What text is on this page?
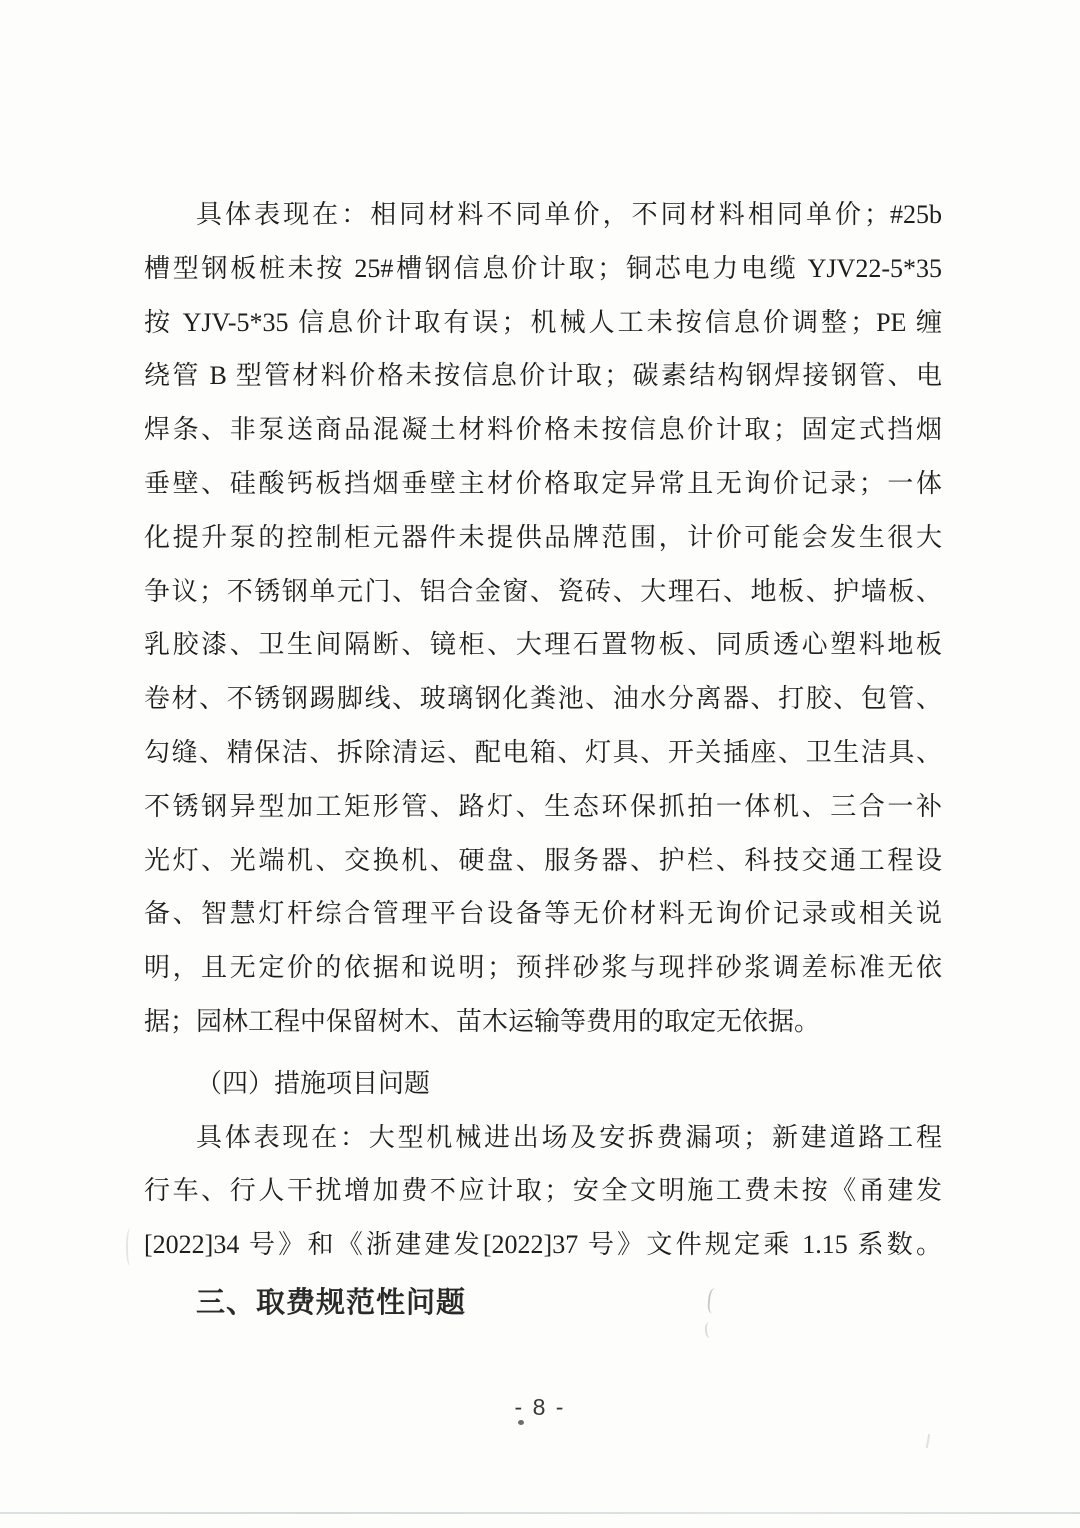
具体表现在：相同材料不同单价，不同材料相同单价；#25b
槽型钢板桩未按 25#槽钢信息价计取；铜芯电力电缆 YJV22-5*35
按 YJV-5*35 信息价计取有误；机械人工未按信息价调整；PE 缠
绕管 B 型管材料价格未按信息价计取；碳素结构钢焊接钢管、电
焊条、非泵送商品混凝土材料价格未按信息价计取；固定式挡烟
垂壁、硅酸钙板挡烟垂壁主材价格取定异常且无询价记录；一体
化提升泵的控制柜元器件未提供品牌范围，计价可能会发生很大
争议；不锈钢单元门、铝合金窗、瓷砖、大理石、地板、护墙板、
乳胶漆、卫生间隔断、镜柜、大理石置物板、同质透心塑料地板
卷材、不锈钢踢脚线、玻璃钢化粪池、油水分离器、打胶、包管、
勾缝、精保洁、拆除清运、配电箱、灯具、开关插座、卫生洁具、
不锈钢异型加工矩形管、路灯、生态环保抓拍一体机、三合一补
光灯、光端机、交换机、硬盘、服务器、护栏、科技交通工程设
备、智慧灯杆综合管理平台设备等无价材料无询价记录或相关说
明，且无定价的依据和说明；预拌砂浆与现拌砂浆调差标准无依
据；园林工程中保留树木、苗木运输等费用的取定无依据。
（四）措施项目问题
具体表现在：大型机械进出场及安拆费漏项；新建道路工程
行车、行人干扰增加费不应计取；安全文明施工费未按《甬建发
[2022]34 号》和《浙建建发[2022]37 号》文件规定乘 1.15 系数。
三、取费规范性问题
- 8 -
